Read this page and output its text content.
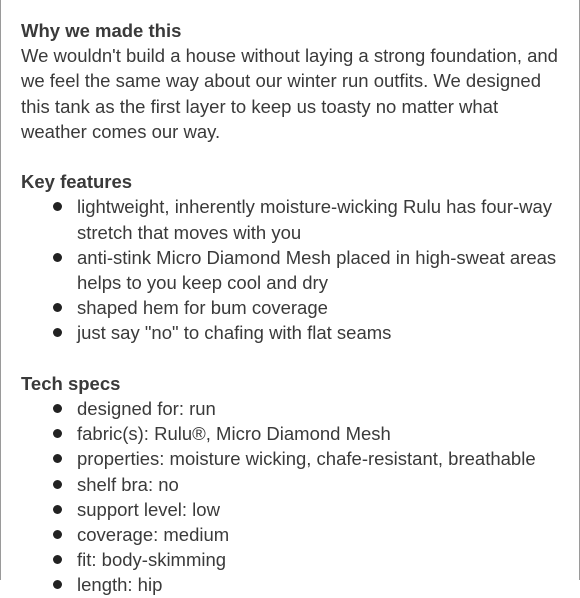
Why we made this

We wouldn't build a house without laying a strong foundation, and we feel the same way about our winter run outfits. We designed this tank as the first layer to keep us toasty no matter what weather comes our way.

Key features

lightweight, inherently moisture-wicking Rulu has four-way stretch that moves with you
anti-stink Micro Diamond Mesh placed in high-sweat areas helps to you keep cool and dry
shaped hem for bum coverage
just say "no" to chafing with flat seams

Tech specs

designed for: run
fabric(s): Rulu®, Micro Diamond Mesh
properties: moisture wicking, chafe-resistant, breathable
shelf bra: no
support level: low
coverage: medium
fit: body-skimming
length: hip
